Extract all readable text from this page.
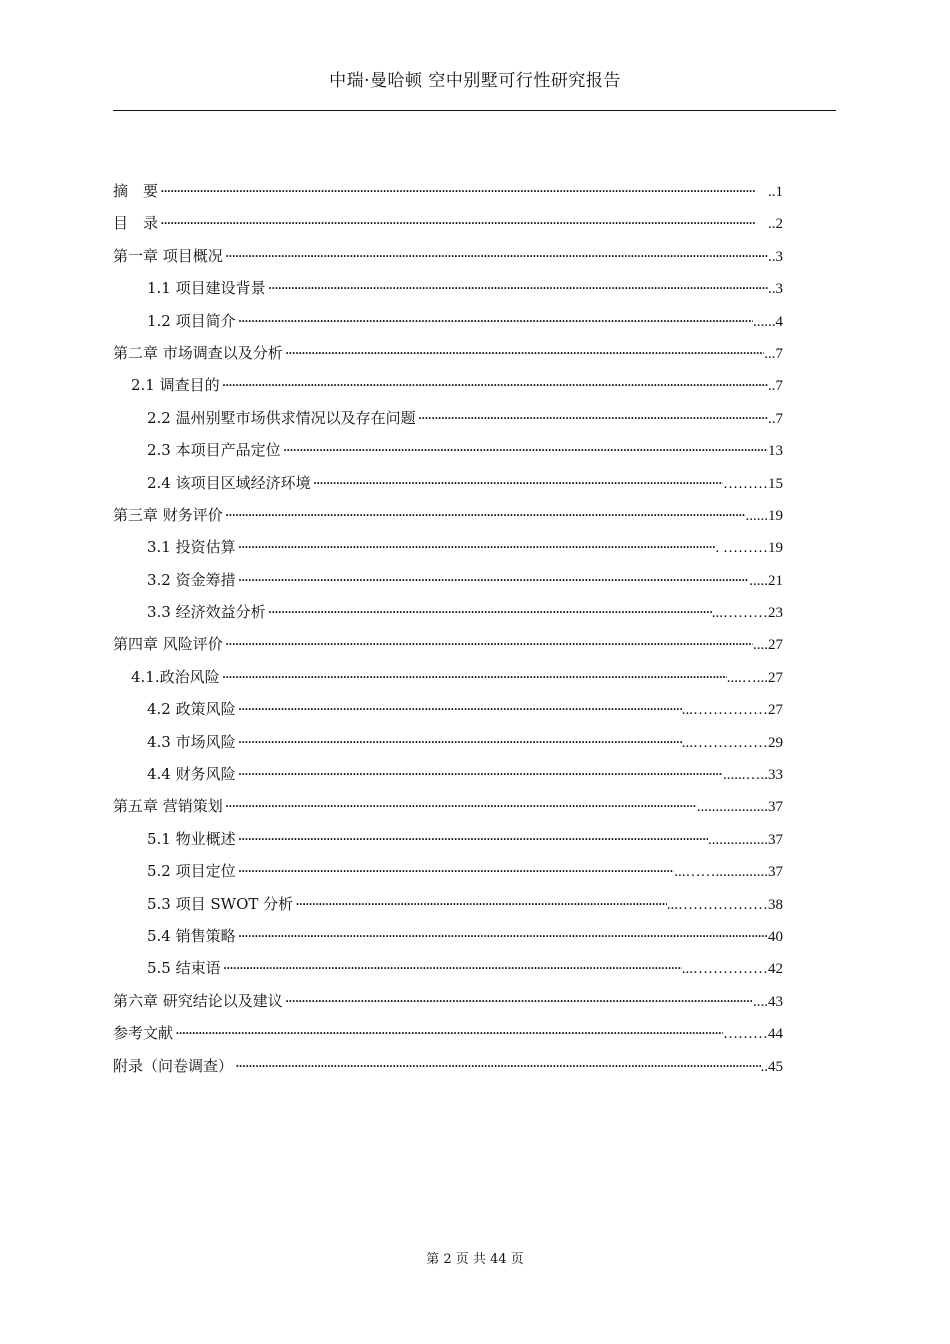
中瑞·曼哈顿 空中别墅可行性研究报告
摘　要 ·····	..1
目　录 ·····	..2
第一章 项目概况 ·····	..3
1.1 项目建设背景 ·····	..3
1.2 项目简介 ·····	......4
第二章 市场调查以及分析 ·····	...7
2.1 调查目的 ·····	..7
2.2 温州别墅市场供求情况以及存在问题 ·····	..7
2.3 本项目产品定位 ·····	13
2.4 该项目区域经济环境 ·····	………15
第三章 财务评价 ·····	......19
3.1 投资估算 ·····	. ………19
3.2 资金筹措 ·····	.....21
3.3 经济效益分析 ·····	...………23
第四章 风险评价 ·····	....27
4.1.政治风险 ·····	....…...27
4.2 政策风险 ·····	...……………27
4.3 市场风险 ·····	...……………29
4.4 财务风险 ·····	......…..33
第五章 营销策划 ·····	...................37
5.1 物业概述 ·····	................37
5.2 项目定位 ·····	...……..............37
5.3 项目 SWOT 分析 ·····	...………………38
5.4 销售策略 ·····	40
5.5 结束语 ·····	...……………42
第六章 研究结论以及建议 ·····	....43
参考文献 ·····	………44
附录（问卷调查） ·····	..45
第 2 页 共 44 页
